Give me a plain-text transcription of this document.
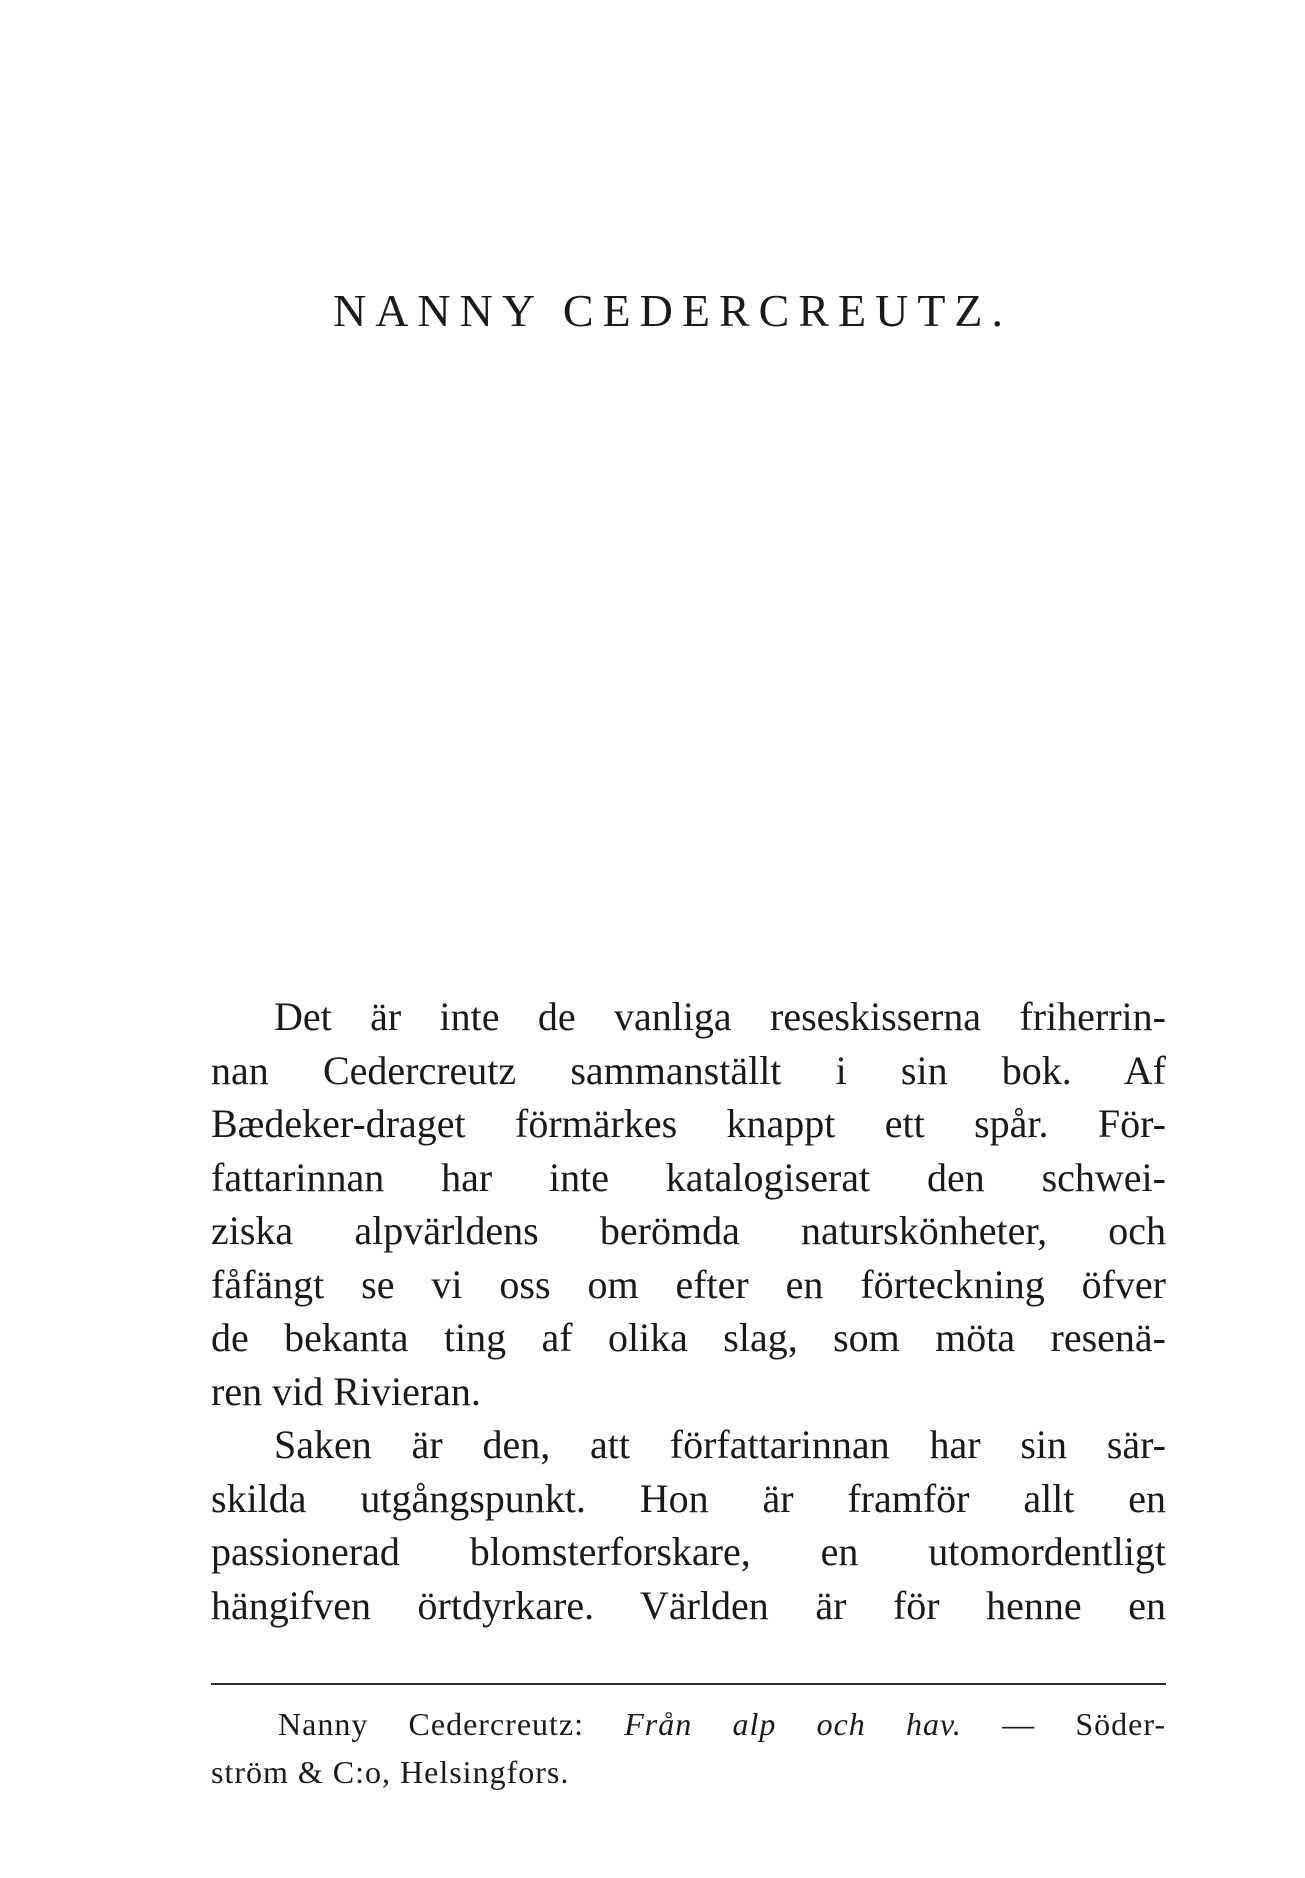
NANNY CEDERCREUTZ.

Det är inte de vanliga reseskisserna friherrin-
nan Cedercreutz sammanställt i sin bok. Af
Bædeker-draget förmärkes knappt ett spår. För-
fattarinnan har inte katalogiserat den schwei-
ziska alpvärldens berömda naturskönheter, och
fåfängt se vi oss om efter en förteckning öfver
de bekanta ting af olika slag, som möta resenä-
ren vid Rivieran.

Saken är den, att författarinnan har sin sär-
skilda utgångspunkt. Hon är framför allt en
passionerad blomsterforskare, en utomordentligt
hängifven örtdyrkare. Världen är för henne en

Nanny Cedercreutz: Från alp och hav. — Söder-
ström & C:o, Helsingfors.
